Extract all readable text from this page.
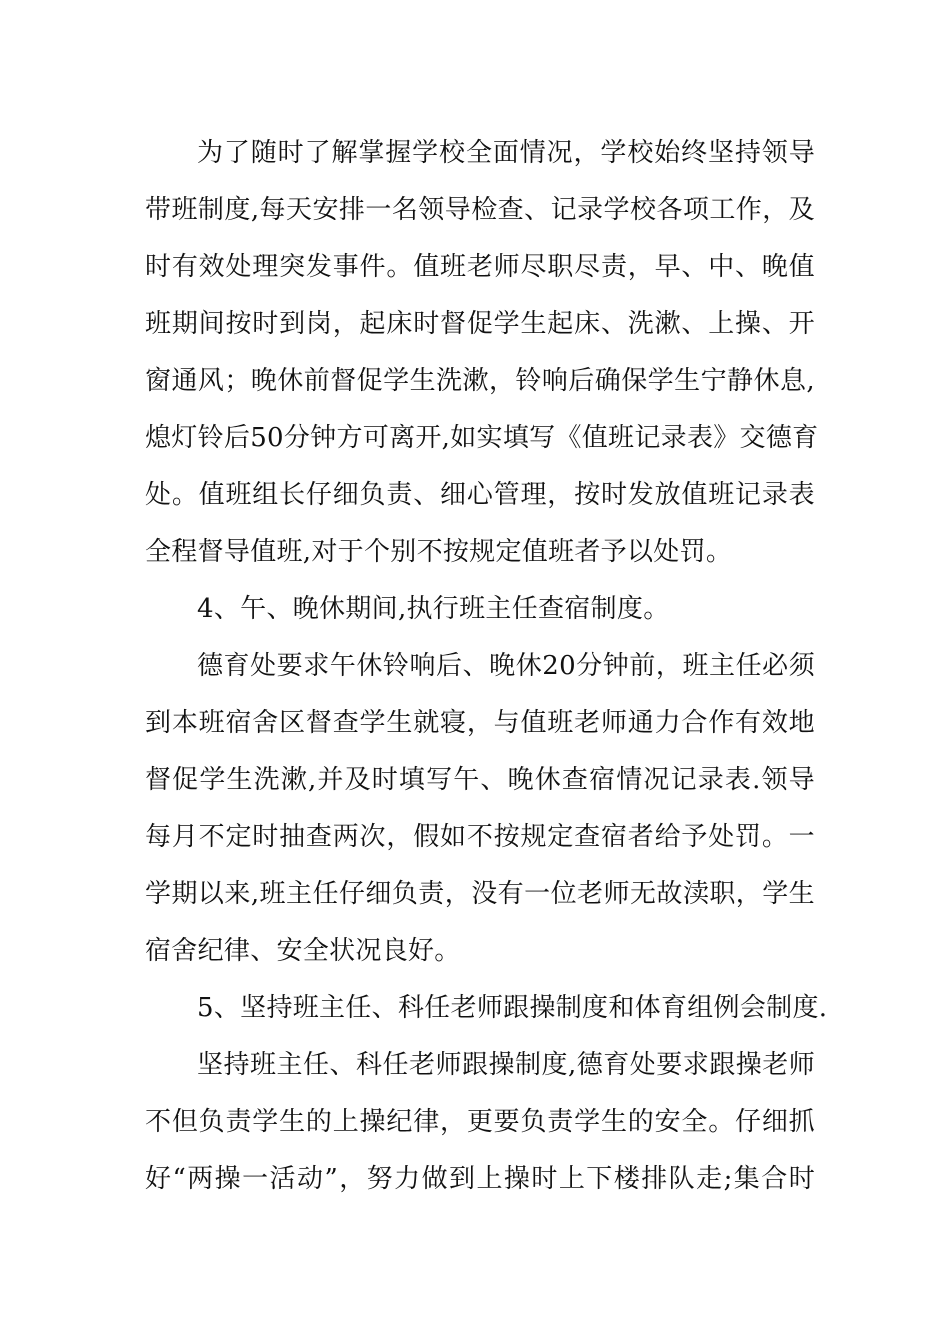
为了随时了解掌握学校全面情况，学校始终坚持领导
带班制度,每天安排一名领导检查、记录学校各项工作，及
时有效处理突发事件。值班老师尽职尽责，早、中、晚值
班期间按时到岗，起床时督促学生起床、洗漱、上操、开
窗通风；晚休前督促学生洗漱，铃响后确保学生宁静休息,
熄灯铃后50分钟方可离开,如实填写《值班记录表》交德育
处。值班组长仔细负责、细心管理，按时发放值班记录表
全程督导值班,对于个别不按规定值班者予以处罚。
4、午、晚休期间,执行班主任查宿制度。
德育处要求午休铃响后、晚休20分钟前，班主任必须
到本班宿舍区督查学生就寝，与值班老师通力合作有效地
督促学生洗漱,并及时填写午、晚休查宿情况记录表.领导
每月不定时抽查两次，假如不按规定查宿者给予处罚。一
学期以来,班主任仔细负责，没有一位老师无故渎职，学生
宿舍纪律、安全状况良好。
5、坚持班主任、科任老师跟操制度和体育组例会制度.
坚持班主任、科任老师跟操制度,德育处要求跟操老师
不但负责学生的上操纪律，更要负责学生的安全。仔细抓
好“两操一活动”，努力做到上操时上下楼排队走;集合时
